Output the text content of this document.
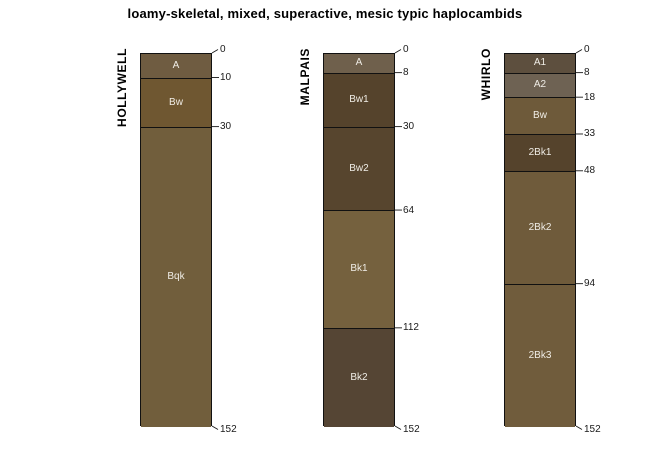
loamy-skeletal, mixed, superactive, mesic typic haplocambids
HOLLYWELL	A
Bw
Bqk
0
10
30
152
MALPAIS	A
Bw1
Bw2
Bk1
Bk2
0
8
30
64
112
152
WHIRLO	A1
A2
Bw
2Bk1
2Bk2
2Bk3
0
8
18
33
48
94
152
